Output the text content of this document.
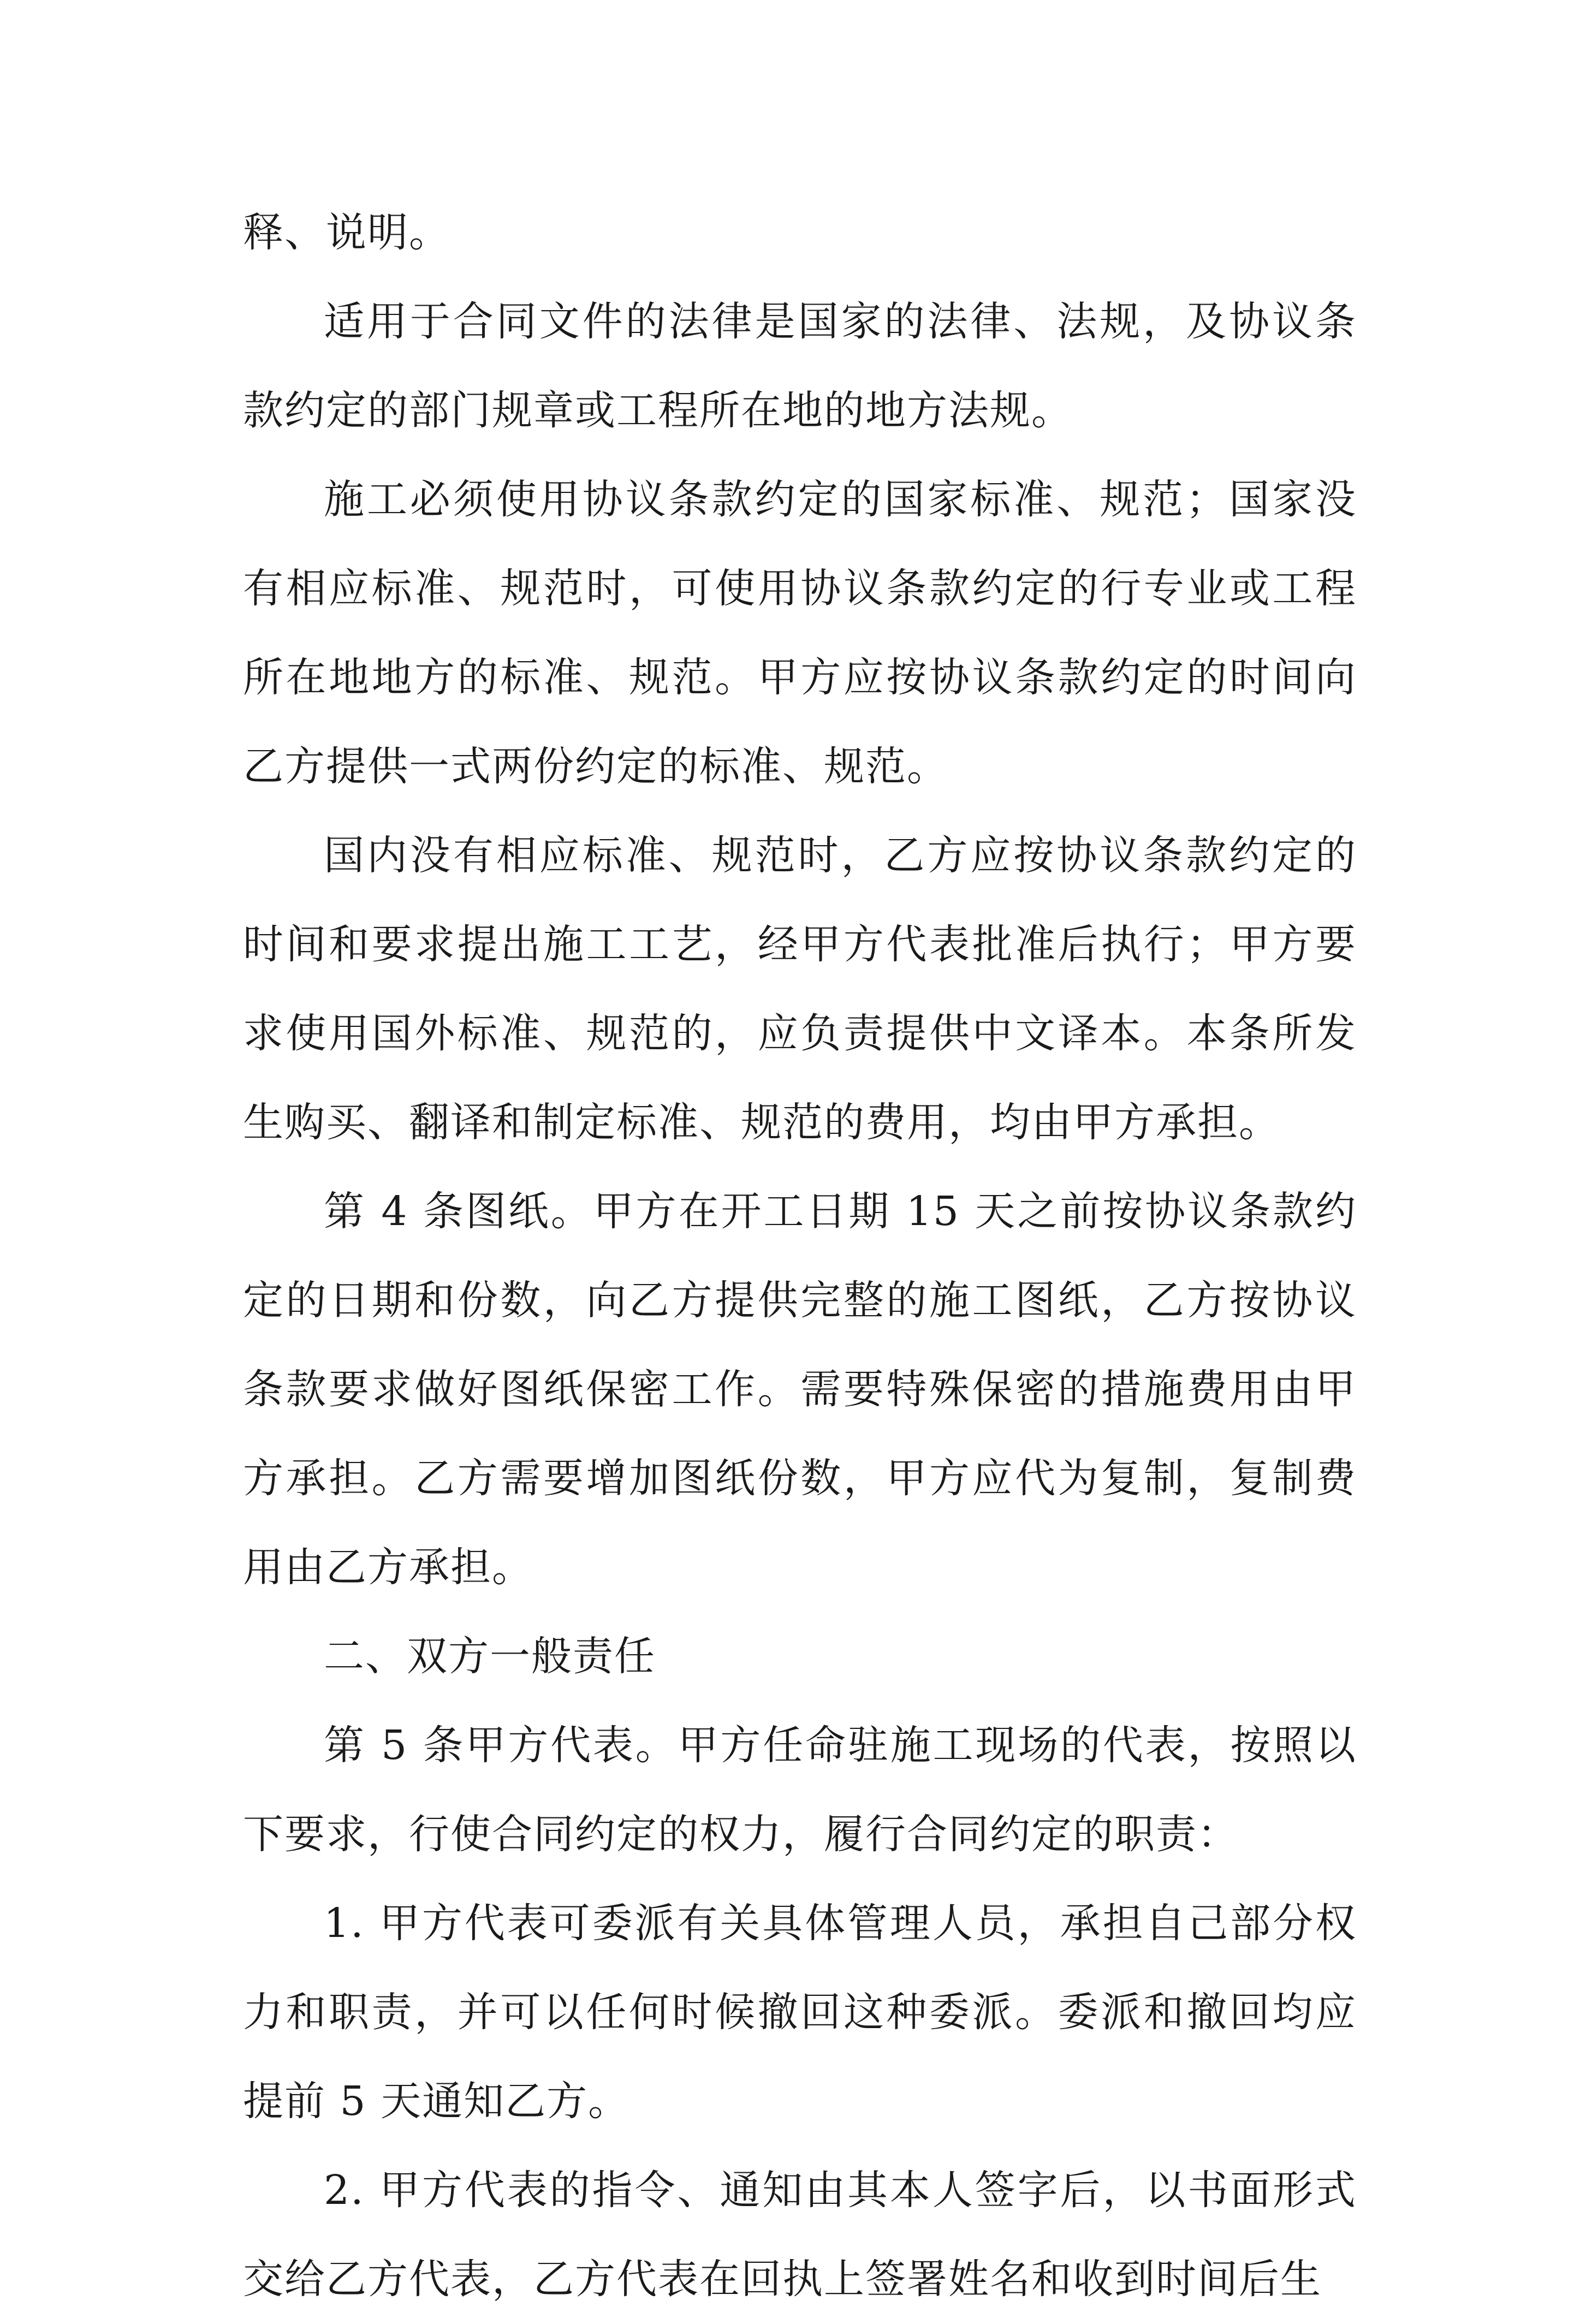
释、说明。

适用于合同文件的法律是国家的法律、法规，及协议条款约定的部门规章或工程所在地的地方法规。

施工必须使用协议条款约定的国家标准、规范；国家没有相应标准、规范时，可使用协议条款约定的行专业或工程所在地地方的标准、规范。甲方应按协议条款约定的时间向乙方提供一式两份约定的标准、规范。

国内没有相应标准、规范时，乙方应按协议条款约定的时间和要求提出施工工艺，经甲方代表批准后执行；甲方要求使用国外标准、规范的，应负责提供中文译本。本条所发生购买、翻译和制定标准、规范的费用，均由甲方承担。

第 4 条图纸。甲方在开工日期 15 天之前按协议条款约定的日期和份数，向乙方提供完整的施工图纸，乙方按协议条款要求做好图纸保密工作。需要特殊保密的措施费用由甲方承担。乙方需要增加图纸份数，甲方应代为复制，复制费用由乙方承担。

二、双方一般责任

第 5 条甲方代表。甲方任命驻施工现场的代表，按照以下要求，行使合同约定的权力，履行合同约定的职责：

1. 甲方代表可委派有关具体管理人员，承担自己部分权力和职责，并可以任何时候撤回这种委派。委派和撤回均应提前 5 天通知乙方。

2. 甲方代表的指令、通知由其本人签字后，以书面形式交给乙方代表，乙方代表在回执上签署姓名和收到时间后生
